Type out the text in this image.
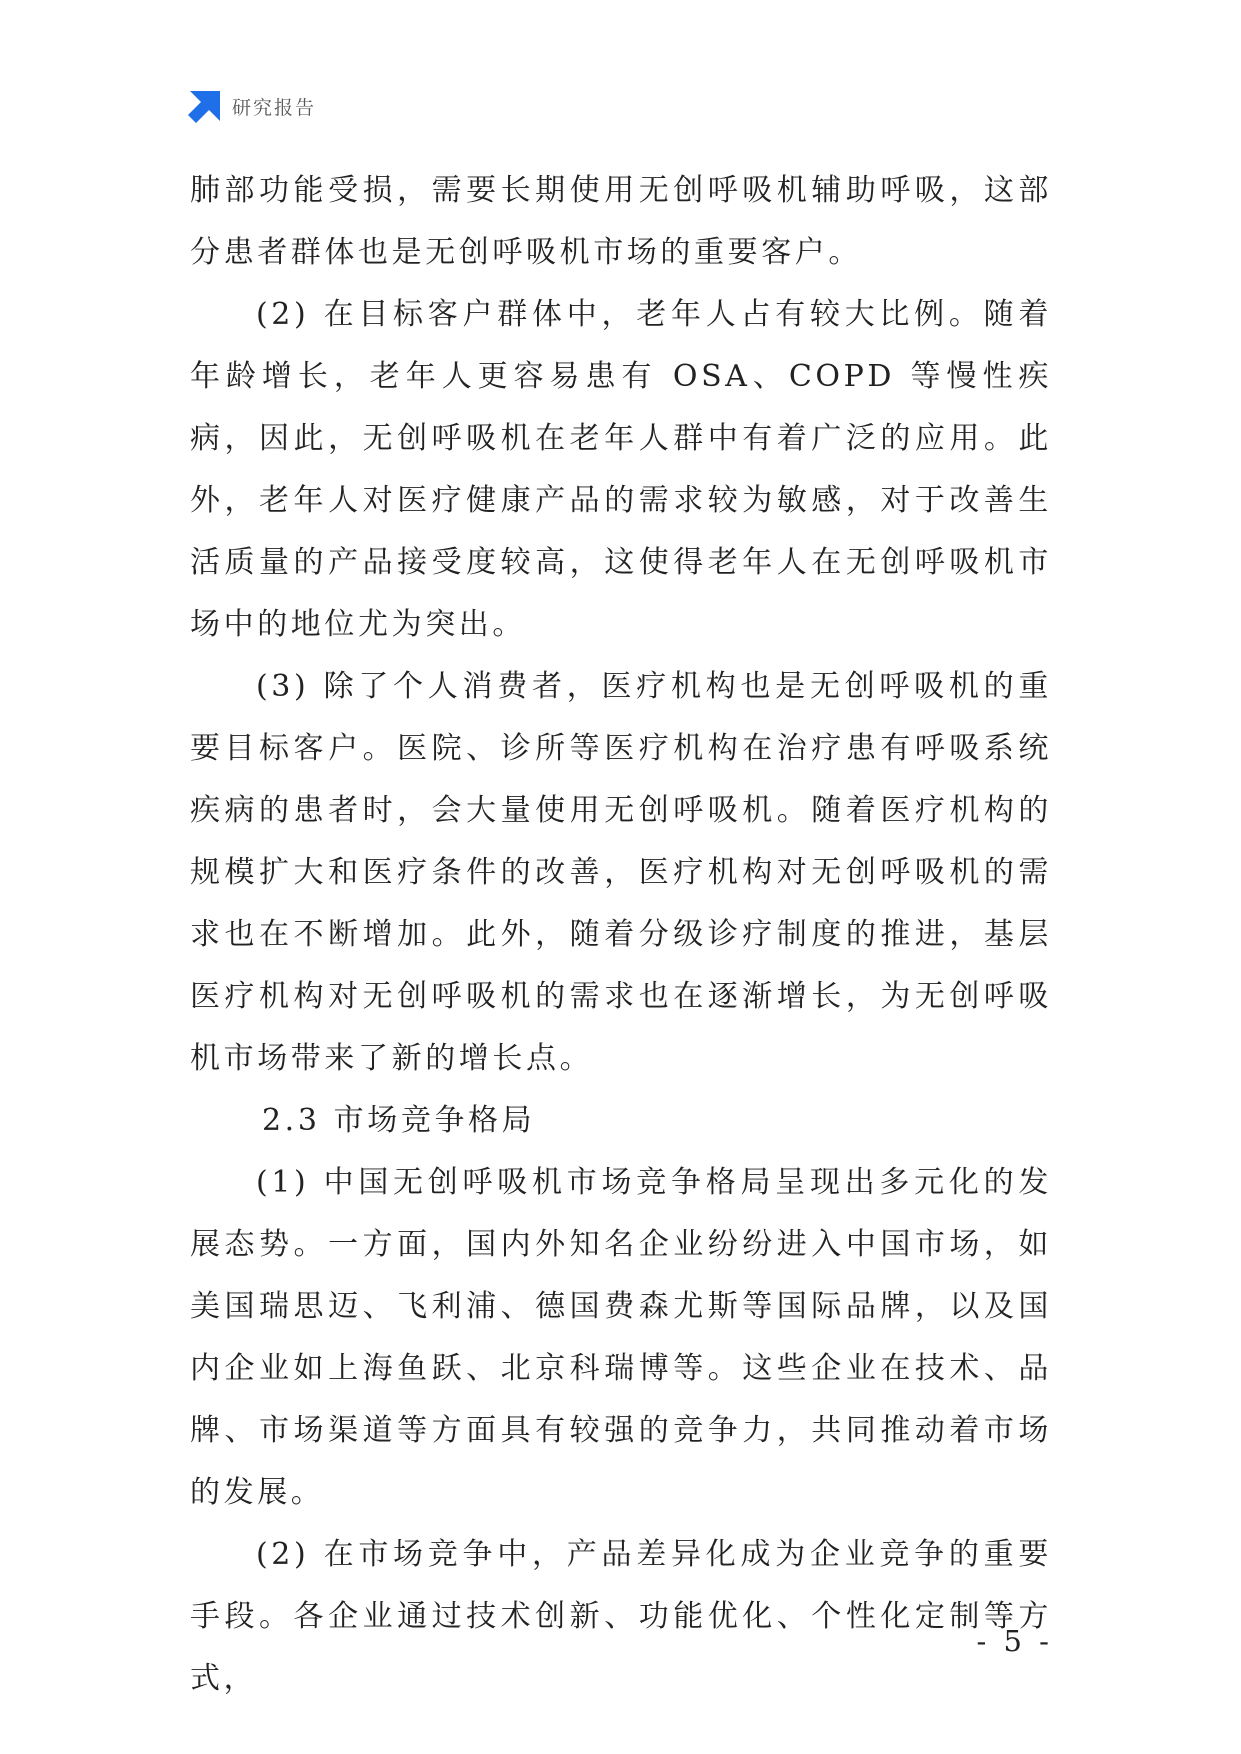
研究报告

肺部功能受损，需要长期使用无创呼吸机辅助呼吸，这部分患者群体也是无创呼吸机市场的重要客户。

(2) 在目标客户群体中，老年人占有较大比例。随着年龄增长，老年人更容易患有 OSA、COPD 等慢性疾病，因此，无创呼吸机在老年人群中有着广泛的应用。此外，老年人对医疗健康产品的需求较为敏感，对于改善生活质量的产品接受度较高，这使得老年人在无创呼吸机市场中的地位尤为突出。

(3) 除了个人消费者，医疗机构也是无创呼吸机的重要目标客户。医院、诊所等医疗机构在治疗患有呼吸系统疾病的患者时，会大量使用无创呼吸机。随着医疗机构的规模扩大和医疗条件的改善，医疗机构对无创呼吸机的需求也在不断增加。此外，随着分级诊疗制度的推进，基层医疗机构对无创呼吸机的需求也在逐渐增长，为无创呼吸机市场带来了新的增长点。

2.3 市场竞争格局

(1) 中国无创呼吸机市场竞争格局呈现出多元化的发展态势。一方面，国内外知名企业纷纷进入中国市场，如美国瑞思迈、飞利浦、德国费森尤斯等国际品牌，以及国内企业如上海鱼跃、北京科瑞博等。这些企业在技术、品牌、市场渠道等方面具有较强的竞争力，共同推动着市场的发展。

(2) 在市场竞争中，产品差异化成为企业竞争的重要手段。各企业通过技术创新、功能优化、个性化定制等方式，

- 5 -
